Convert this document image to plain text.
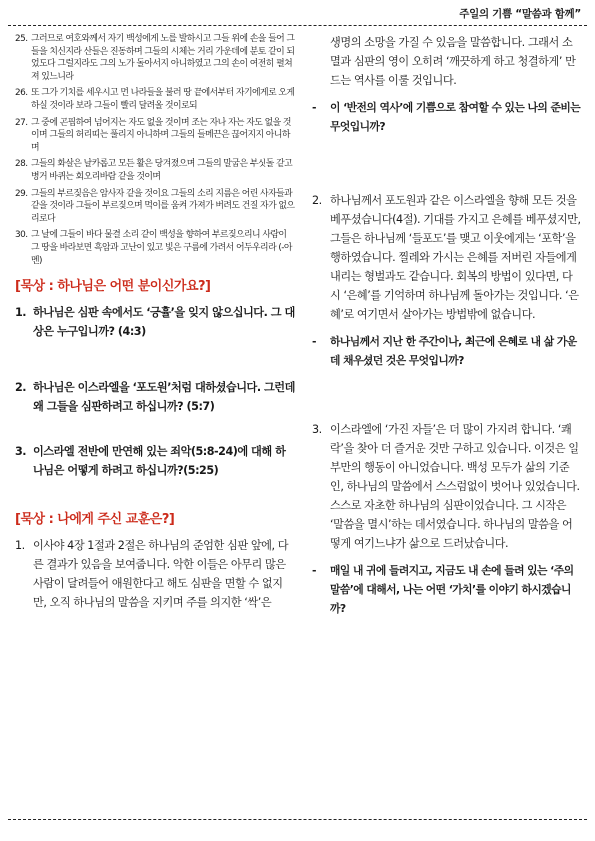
주일의 기쁨 “말씀과 함께”
25. 그러므로 여호와께서 자기 백성에게 노를 발하시고 그들 위에 손을 들어 그들을 치신지라 산들은 진동하며 그들의 시체는 거리 가운데에 분토 같이 되었도다 그럴지라도 그의 노가 돌아서지 아니하였고 그의 손이 여전히 펼쳐져 있느니라
26. 또 그가 기치를 세우시고 먼 나라들을 불러 땅 끝에서부터 자기에게로 오게 하실 것이라 보라 그들이 빨리 달려올 것이로되
27. 그 중에 곤핍하여 넘어지는 자도 없을 것이며 조는 자나 자는 자도 없을 것이며 그들의 허리띠는 풀리지 아니하며 그들의 들메끈은 끊어지지 아니하며
28. 그들의 화살은 날카롭고 모든 활은 당겨졌으며 그들의 말굽은 부싯돌 같고 병거 바퀴는 회오리바람 같을 것이며
29. 그들의 부르짖음은 암사자 같을 것이요 그들의 소리 지름은 어린 사자들과 같을 것이라 그들이 부르짖으며 먹이를 움켜 가져가 버려도 건질 자가 없으리로다
30. 그 날에 그들이 바다 물결 소리 같이 백성을 향하여 부르짖으리니 사람이 그 땅을 바라보면 흑암과 고난이 있고 빛은 구름에 가려서 어두우리라 (-아멘)
[묵상 : 하나님은 어떤 분이신가요?]
1. 하나님은 심판 속에서도 ‘긍휼’을 잊지 않으십니다. 그 대상은 누구입니까? (4:3)
2. 하나님은 이스라엘을 ‘포도원’처럼 대하셨습니다. 그런데 왜 그들을 심판하려고 하십니까? (5:7)
3. 이스라엘 전반에 만연해 있는 죄악(5:8-24)에 대해 하나님은 어떻게 하려고 하십니까?(5:25)
[묵상 : 나에게 주신 교훈은?]
1. 이사야 4장 1절과 2절은 하나님의 준엄한 심판 앞에, 다른 결과가 있음을 보여줍니다. 악한 이들은 아무리 많은 사람이 달려들어 애원한다고 해도 심판을 면할 수 없지만, 오직 하나님의 말씀을 지키며 주를 의지한 ‘싹’은
생명의 소망을 가질 수 있음을 말씀합니다. 그래서 소멸과 심판의 영이 오히려 ‘깨끗하게 하고 청결하게’ 만드는 역사를 이룰 것입니다.
-	이 ‘반전의 역사’에 기쁨으로 참여할 수 있는 나의 준비는 무엇입니까?
2. 하나님께서 포도원과 같은 이스라엘을 향해 모든 것을 베푸셨습니다(4절). 기대를 가지고 은혜를 베푸셨지만, 그들은 하나님께 ‘들포도’를 맺고 이웃에게는 ‘포학’을 행하였습니다. 찔레와 가시는 은혜를 저버린 자들에게 내리는 형벌과도 같습니다. 회복의 방법이 있다면, 다시 ‘은혜’를 기억하며 하나님께 돌아가는 것입니다. ‘은혜’로 여기면서 살아가는 방법밖에 없습니다.
-	하나님께서 지난 한 주간이나, 최근에 은혜로 내 삶 가운데 채우셨던 것은 무엇입니까?
3. 이스라엘에 ‘가진 자들’은 더 많이 가지려 합니다. ‘쾌락’을 찾아 더 즐거운 것만 구하고 있습니다. 이것은 일부만의 행동이 아니었습니다. 백성 모두가 삶의 기준인, 하나님의 말씀에서 스스럼없이 벗어나 있었습니다. 스스로 자초한 하나님의 심판이었습니다. 그 시작은 ‘말씀을 멸시’하는 데서였습니다. 하나님의 말씀을 어떻게 여기느냐가 삶으로 드러났습니다.
-	매일 내 귀에 들려지고, 지금도 내 손에 들려 있는 ‘주의 말씀’에 대해서, 나는 어떤 ‘가치’를 이야기 하시겠습니까?
